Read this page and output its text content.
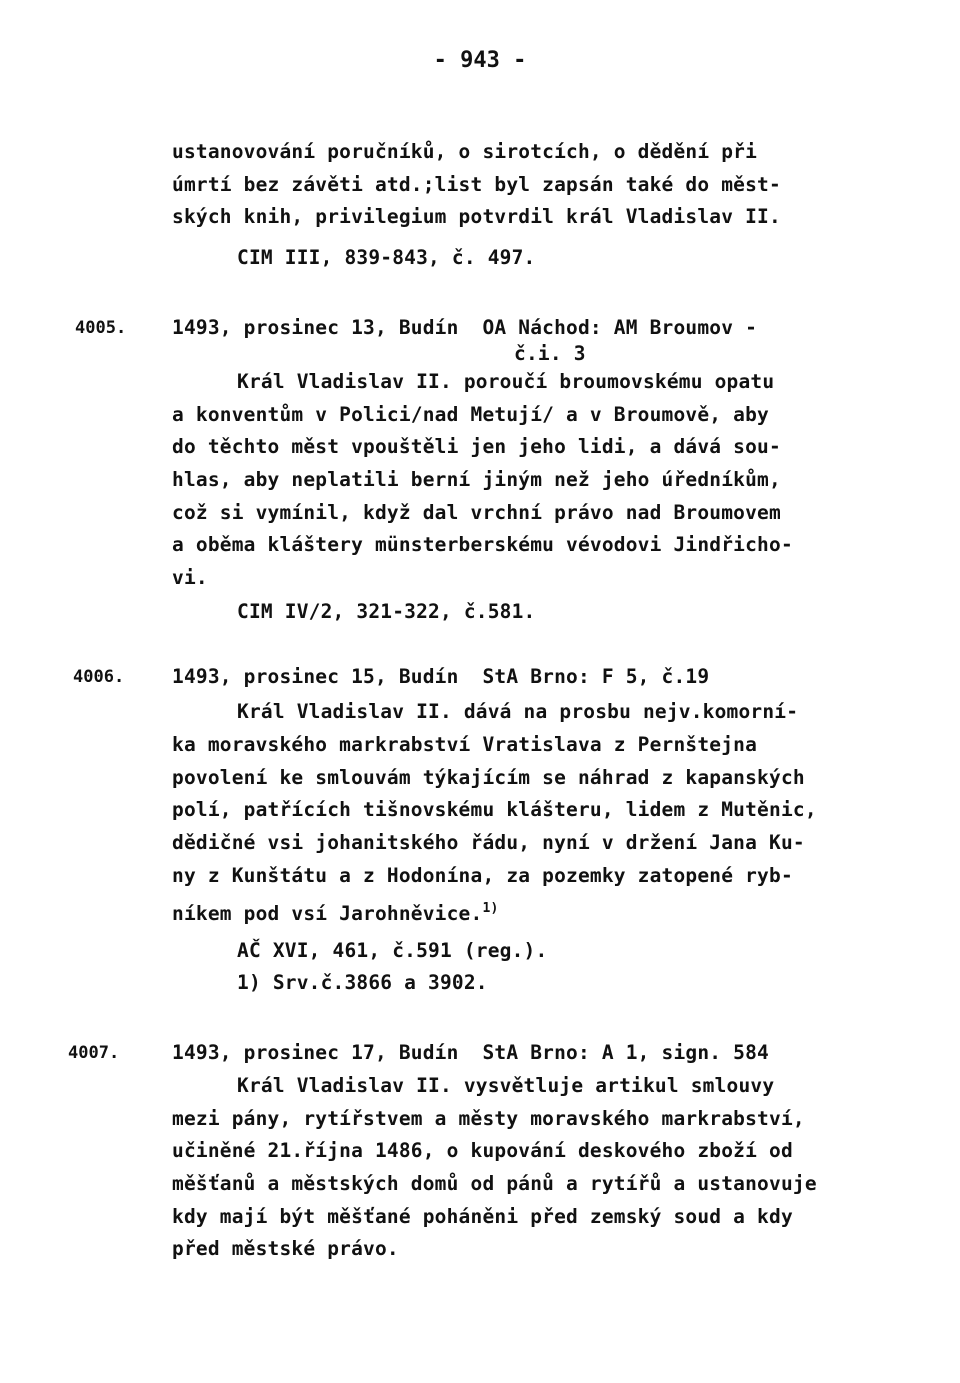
- 943 -
ustanovování poručníků, o sirotcích, o dědění při
úmrtí bez závěti atd.;list byl zapsán také do měst-
ských knih, privilegium potvrdil král Vladislav II.
CIM III, 839-843, č. 497.
4005. 1493, prosinec 13, Budín  OA Náchod: AM Broumov -
č.i. 3
Král Vladislav II. poroučí broumovskému opatu
a konventům v Polici/nad Metují/ a v Broumově, aby
do těchto měst vpouštěli jen jeho lidi, a dává sou-
hlas, aby neplatili berní jiným než jeho úředníkům,
což si vymínil, když dal vrchní právo nad Broumovem
a oběma kláštery münsterberskému vévodovi Jindřicho-
vi.
CIM IV/2, 321-322, č.581.
4006. 1493, prosinec 15, Budín  StA Brno: F 5, č.19
Král Vladislav II. dává na prosbu nejv.komorní-
ka moravského markrabství Vratislava z Pernštejna
povolení ke smlouvám týkajícím se náhrad z kapanských
polí, patřících tišnovskému klášteru, lidem z Mutěnic,
dědičné vsi johanitského řádu, nyní v držení Jana Ku-
ny z Kunštátu a z Hodonína, za pozemky zatopené ryb-
níkem pod vsí Jarohněvice.$^{1)}$
AČ XVI, 461, č.591 (reg.).
1) Srv.č.3866 a 3902.
4007.	1493, prosinec 17, Budín  StA Brno: A 1, sign. 584
Král Vladislav II. vysvětluje artikul smlouvy
mezi pány, rytířstvem a městy moravského markrabství,
učiněné 21.října 1486, o kupování deskového zboží od
měšťanů a městských domů od pánů a rytířů a ustanovuje
kdy mají být měšťané poháněni před zemský soud a kdy
před městské právo.
